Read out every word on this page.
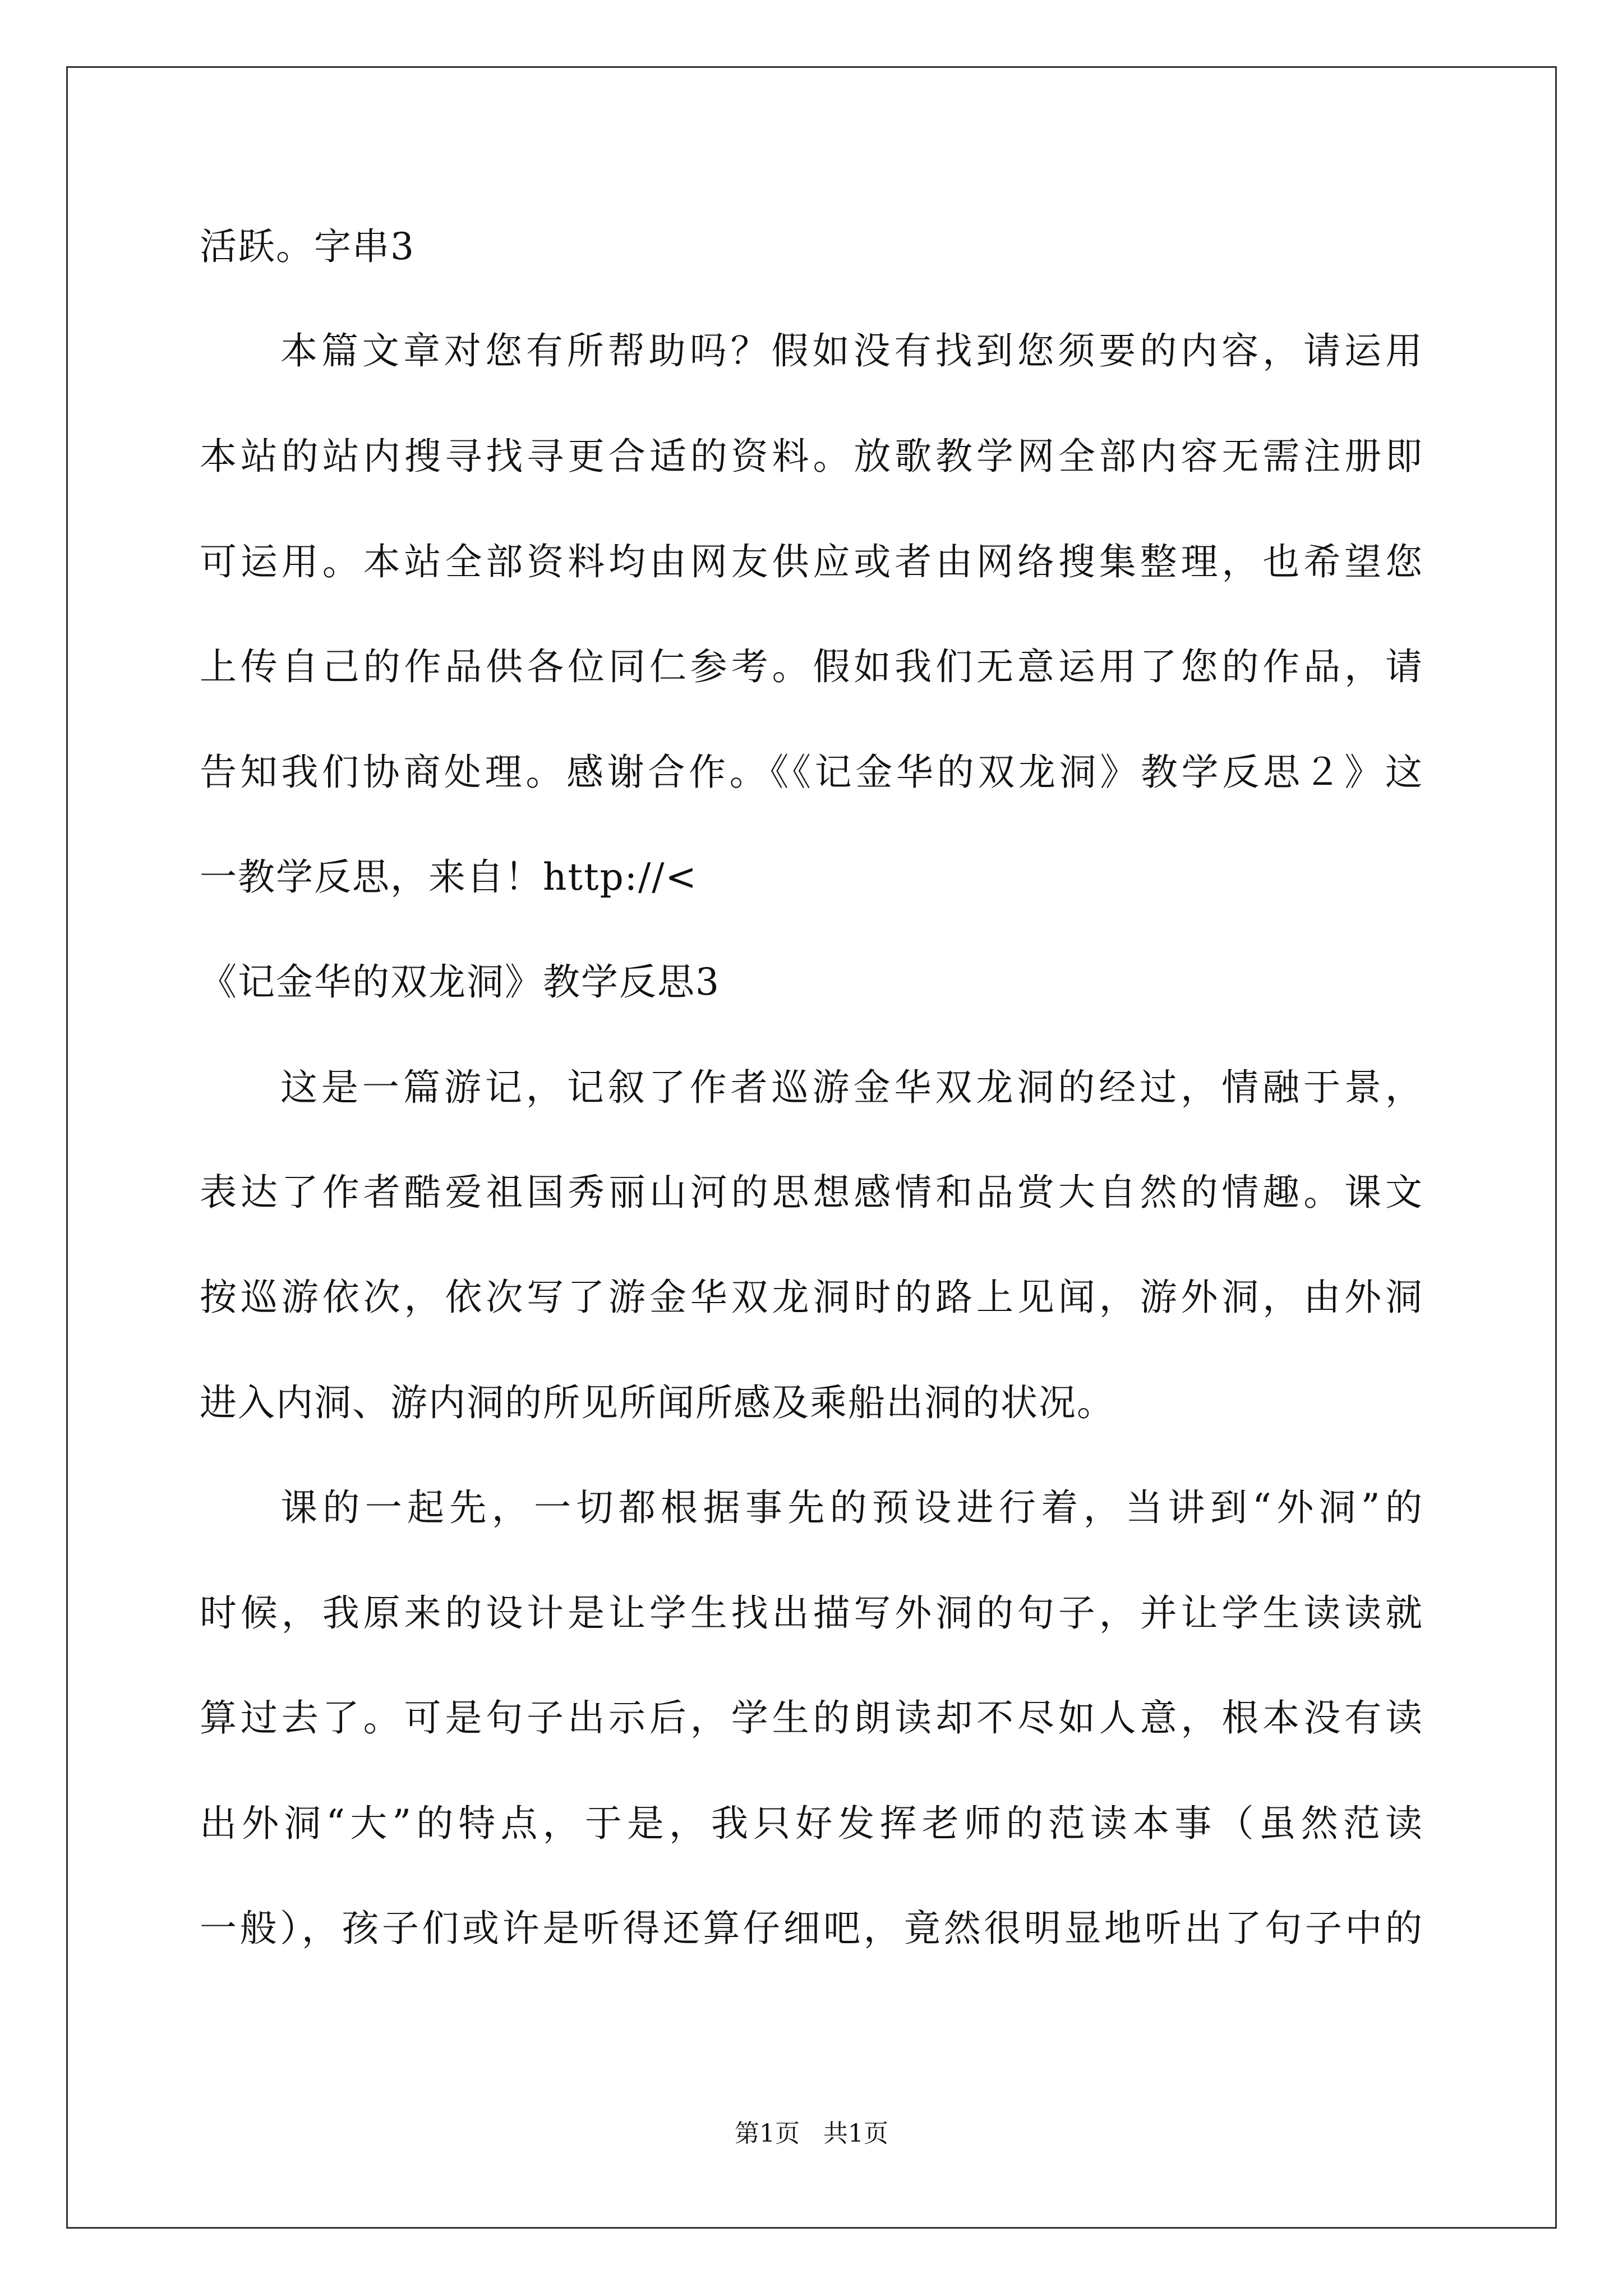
活跃。字串3
本篇文章对您有所帮助吗？假如没有找到您须要的内容，请运用
本站的站内搜寻找寻更合适的资料。放歌教学网全部内容无需注册即
可运用。本站全部资料均由网友供应或者由网络搜集整理，也希望您
上传自己的作品供各位同仁参考。假如我们无意运用了您的作品，请
告知我们协商处理。感谢合作。《《记金华的双龙洞》教学反思２》这
一教学反思，来自！http://<
《记金华的双龙洞》教学反思3
这是一篇游记，记叙了作者巡游金华双龙洞的经过，情融于景，
表达了作者酷爱祖国秀丽山河的思想感情和品赏大自然的情趣。课文
按巡游依次，依次写了游金华双龙洞时的路上见闻，游外洞，由外洞
进入内洞、游内洞的所见所闻所感及乘船出洞的状况。
课的一起先，一切都根据事先的预设进行着，当讲到“外洞”的
时候，我原来的设计是让学生找出描写外洞的句子，并让学生读读就
算过去了。可是句子出示后，学生的朗读却不尽如人意，根本没有读
出外洞“大”的特点，于是，我只好发挥老师的范读本事（虽然范读
一般），孩子们或许是听得还算仔细吧，竟然很明显地听出了句子中的
第1页   共1页
